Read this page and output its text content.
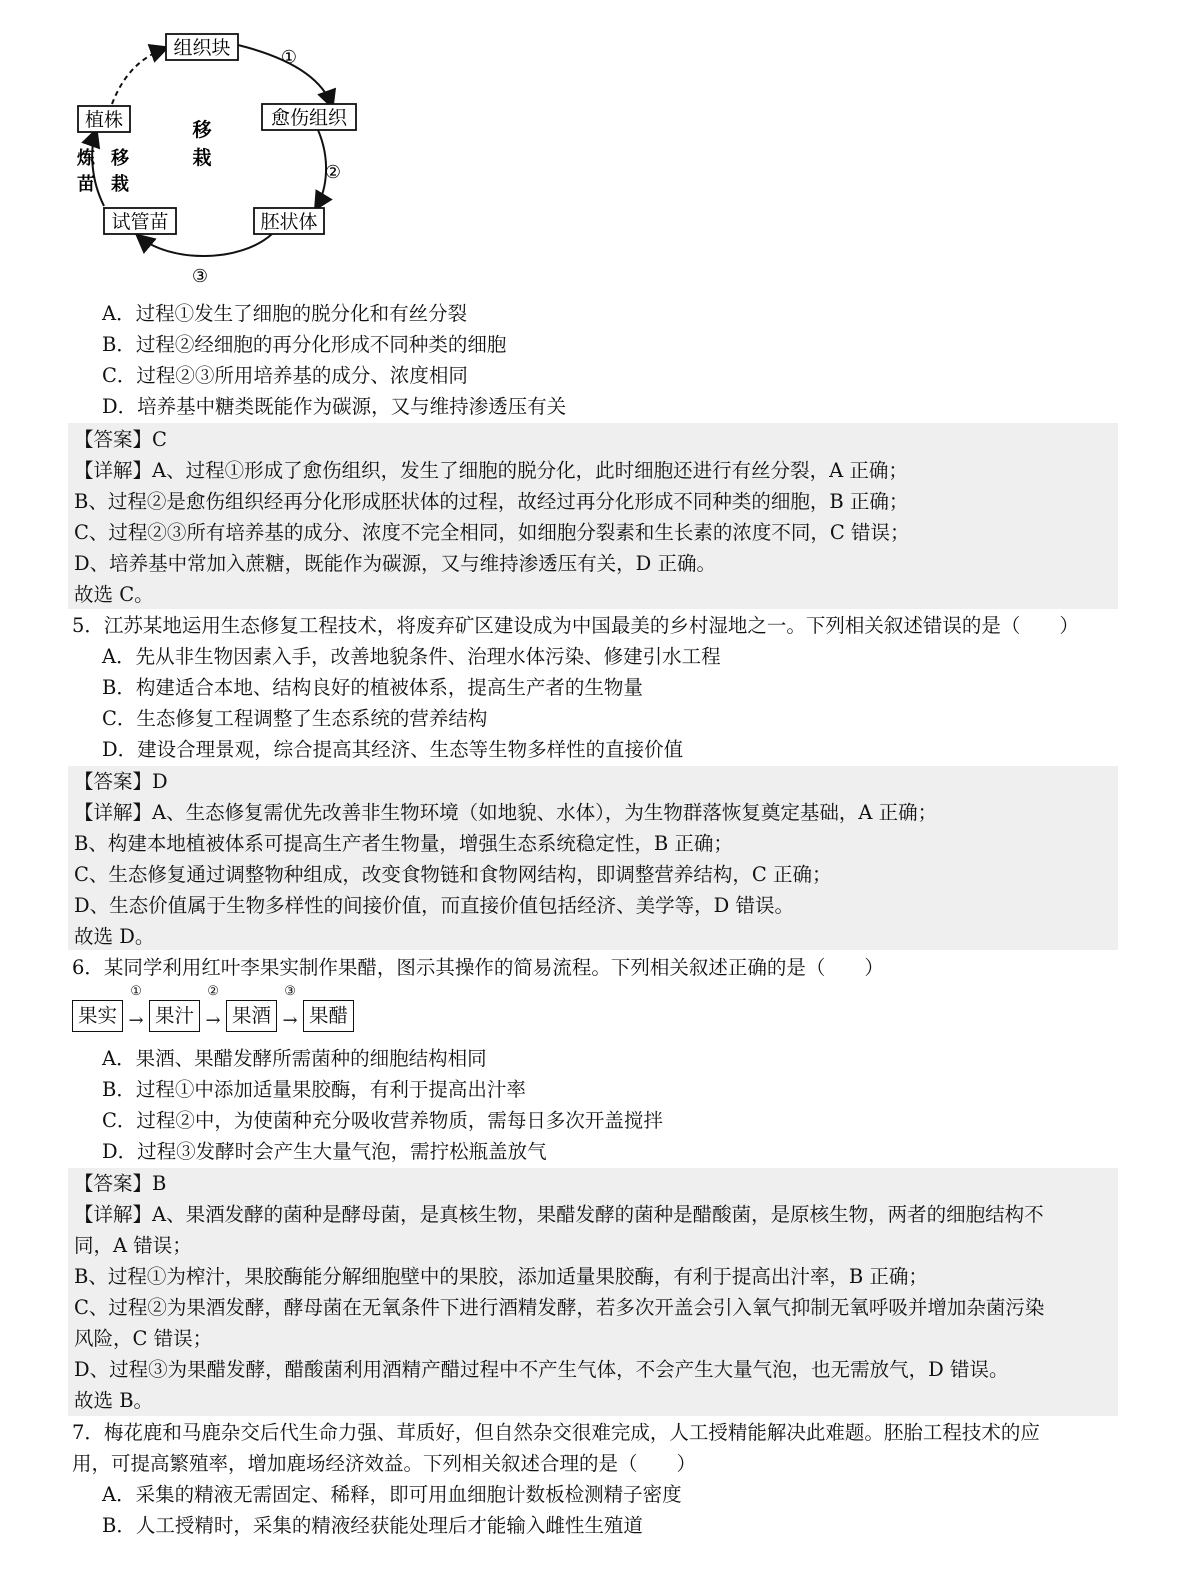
组织块
愈伤组织
胚状体
试管苗
植株
①
②
③
移
栽
炼
苗
移
栽
A．过程①发生了细胞的脱分化和有丝分裂
B．过程②经细胞的再分化形成不同种类的细胞
C．过程②③所用培养基的成分、浓度相同
D．培养基中糖类既能作为碳源，又与维持渗透压有关
【答案】C
【详解】A、过程①形成了愈伤组织，发生了细胞的脱分化，此时细胞还进行有丝分裂，A 正确；
B、过程②是愈伤组织经再分化形成胚状体的过程，故经过再分化形成不同种类的细胞，B 正确；
C、过程②③所有培养基的成分、浓度不完全相同，如细胞分裂素和生长素的浓度不同，C 错误；
D、培养基中常加入蔗糖，既能作为碳源，又与维持渗透压有关，D 正确。
故选 C。
5．江苏某地运用生态修复工程技术，将废弃矿区建设成为中国最美的乡村湿地之一。下列相关叙述错误的是（　　）
A．先从非生物因素入手，改善地貌条件、治理水体污染、修建引水工程
B．构建适合本地、结构良好的植被体系，提高生产者的生物量
C．生态修复工程调整了生态系统的营养结构
D．建设合理景观，综合提高其经济、生态等生物多样性的直接价值
【答案】D
【详解】A、生态修复需优先改善非生物环境（如地貌、水体），为生物群落恢复奠定基础，A 正确；
B、构建本地植被体系可提高生产者生物量，增强生态系统稳定性，B 正确；
C、生态修复通过调整物种组成，改变食物链和食物网结构，即调整营养结构，C 正确；
D、生态价值属于生物多样性的间接价值，而直接价值包括经济、美学等，D 错误。
故选 D。
6．某同学利用红叶李果实制作果醋，图示其操作的简易流程。下列相关叙述正确的是（　　）
果实
①
→ 果汁
②
→ 果酒
③
→ 果醋
A．果酒、果醋发酵所需菌种的细胞结构相同
B．过程①中添加适量果胶酶，有利于提高出汁率
C．过程②中，为使菌种充分吸收营养物质，需每日多次开盖搅拌
D．过程③发酵时会产生大量气泡，需拧松瓶盖放气
【答案】B
【详解】A、果酒发酵的菌种是酵母菌，是真核生物，果醋发酵的菌种是醋酸菌，是原核生物，两者的细胞结构不
同，A 错误；
B、过程①为榨汁，果胶酶能分解细胞壁中的果胶，添加适量果胶酶，有利于提高出汁率，B 正确；
C、过程②为果酒发酵，酵母菌在无氧条件下进行酒精发酵，若多次开盖会引入氧气抑制无氧呼吸并增加杂菌污染
风险，C 错误；
D、过程③为果醋发酵，醋酸菌利用酒精产醋过程中不产生气体，不会产生大量气泡，也无需放气，D 错误。
故选 B。
7．梅花鹿和马鹿杂交后代生命力强、茸质好，但自然杂交很难完成，人工授精能解决此难题。胚胎工程技术的应
用，可提高繁殖率，增加鹿场经济效益。下列相关叙述合理的是（　　）
A．采集的精液无需固定、稀释，即可用血细胞计数板检测精子密度
B．人工授精时，采集的精液经获能处理后才能输入雌性生殖道
